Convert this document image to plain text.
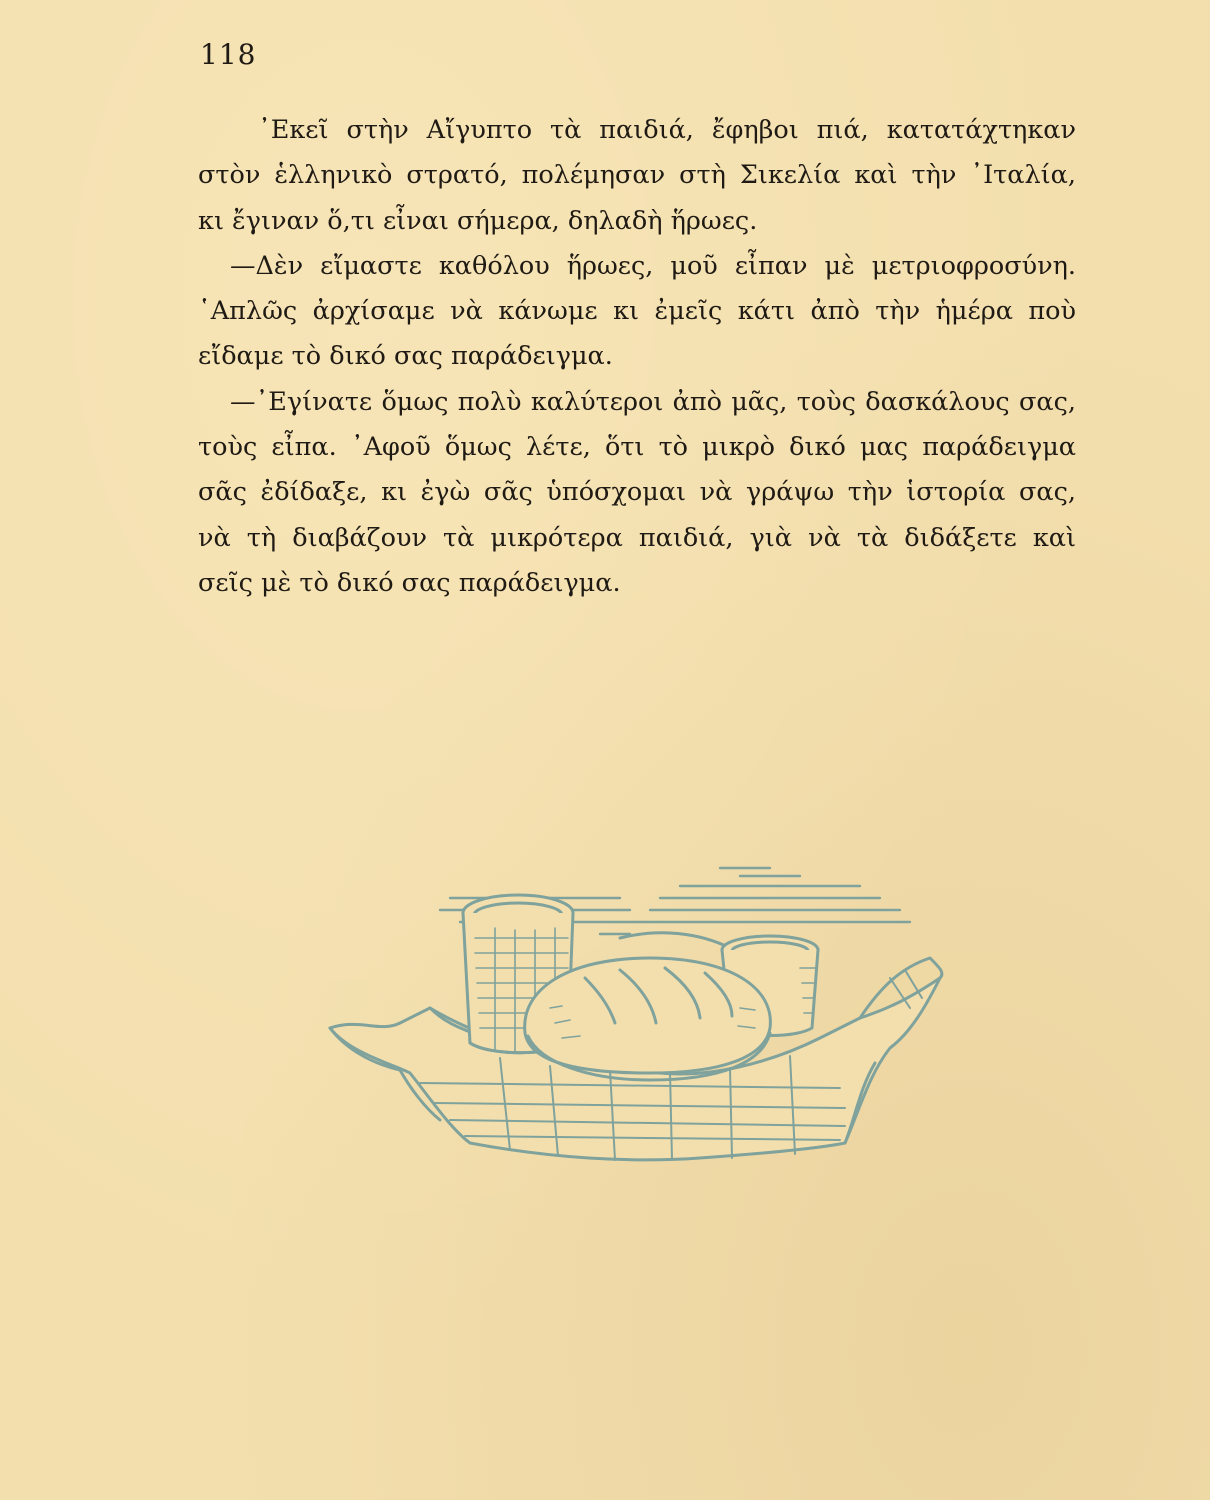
118
᾿Εκεῖ στὴν Αἴγυπτο τὰ παιδιά, ἔφηβοι πιά, κατατάχτηκαν
στὸν ἑλληνικὸ στρατό, πολέμησαν στὴ Σικελία καὶ τὴν ᾿Ιταλία,
κι ἔγιναν ὅ,τι εἶναι σήμερα, δηλαδὴ ἥρωες.
—Δὲν εἴμαστε καθόλου ἥρωες, μοῦ εἶπαν μὲ μετριοφροσύνη.
῾Απλῶς ἀρχίσαμε νὰ κάνωμε κι ἐμεῖς κάτι ἀπὸ τὴν ἡμέρα ποὺ
εἴδαμε τὸ δικό σας παράδειγμα.
—᾿Εγίνατε ὅμως πολὺ καλύτεροι ἀπὸ μᾶς, τοὺς δασκάλους σας,
τοὺς εἶπα. ᾿Αφοῦ ὅμως λέτε, ὅτι τὸ μικρὸ δικό μας παράδειγμα
σᾶς ἐδίδαξε, κι ἐγὼ σᾶς ὑπόσχομαι νὰ γράψω τὴν ἱστορία σας,
νὰ τὴ διαβάζουν τὰ μικρότερα παιδιά, γιὰ νὰ τὰ διδάξετε καὶ
σεῖς μὲ τὸ δικό σας παράδειγμα.
